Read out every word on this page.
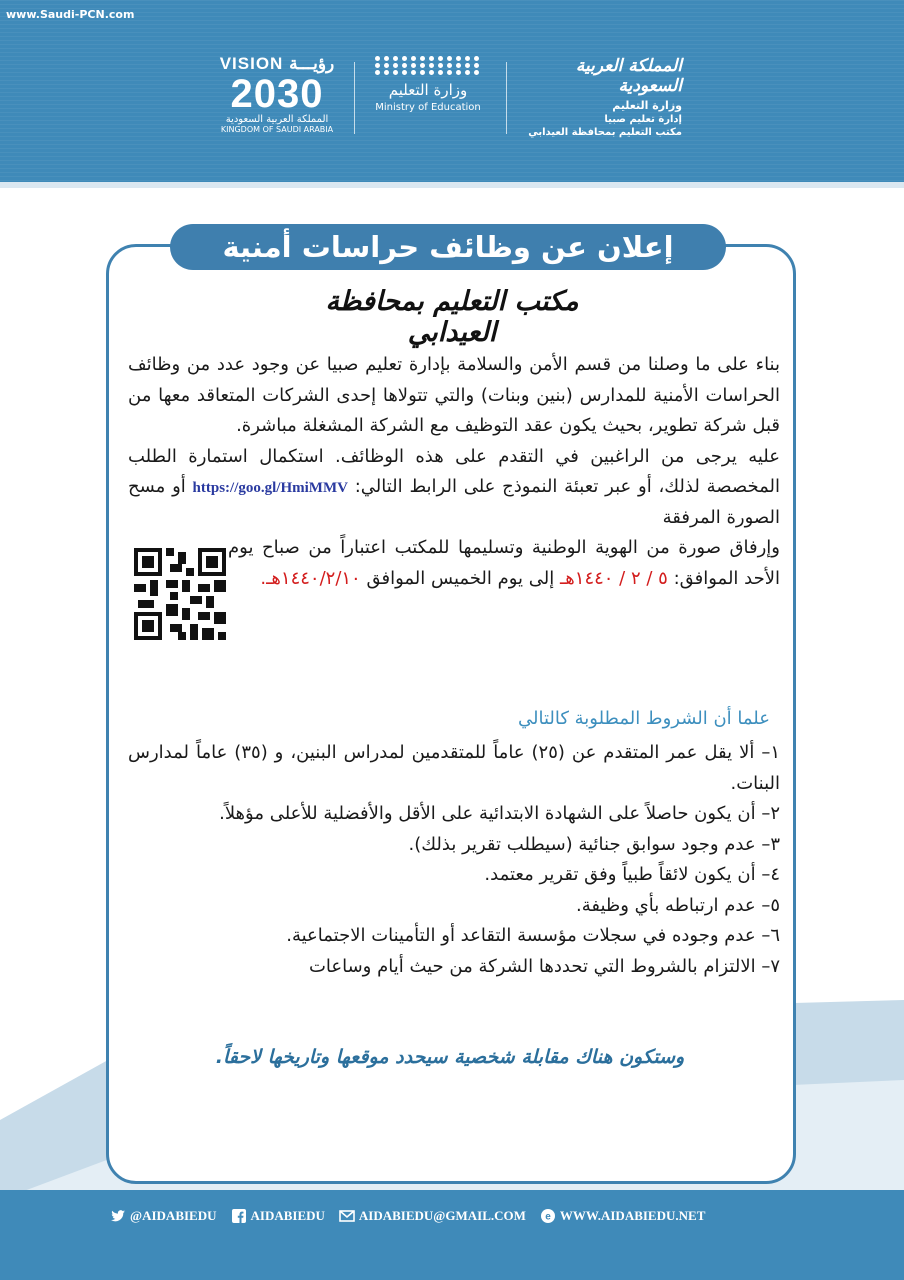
www.Saudi-PCN.com
VISION رؤيـــة
2030
المملكة العربية السعودية
KINGDOM OF SAUDI ARABIA
وزارة التعليم
Ministry of Education
المملكة العربية السعودية
وزارة التعليم
إدارة تعليم صبيا
مكتب التعليم بمحافظة العيدابي
إعلان عن وظائف حراسات أمنية
مكتب التعليم بمحافظة العيدابي

بناء على ما وصلنا من قسم الأمن والسلامة بإدارة تعليم صبيا عن وجود عدد من وظائف الحراسات الأمنية للمدارس (بنين وبنات) والتي تتولاها إحدى الشركات المتعاقد معها من قبل شركة تطوير، بحيث يكون عقد التوظيف مع الشركة المشغلة مباشرة.

عليه يرجى من الراغبين في التقدم على هذه الوظائف. استكمال استمارة الطلب المخصصة لذلك، أو عبر تعبئة النموذج على الرابط التالي: https://goo.gl/HmiMMV أو مسح الصورة المرفقة

وإرفاق صورة من الهوية الوطنية وتسليمها للمكتب اعتباراً من صباح يوم الأحد الموافق: ٥ / ٢ / ١٤٤٠هـ إلى يوم الخميس الموافق ١٤٤٠/٢/١٠هـ.

علما أن الشروط المطلوبة كالتالي

١– ألا يقل عمر المتقدم عن (٢٥) عاماً للمتقدمين لمدراس البنين، و (٣٥) عاماً لمدارس البنات.

٢– أن يكون حاصلاً على الشهادة الابتدائية على الأقل والأفضلية للأعلى مؤهلاً.

٣– عدم وجود سوابق جنائية (سيطلب تقرير بذلك).

٤– أن يكون لائقاً طبياً وفق تقرير معتمد.

٥– عدم ارتباطه بأي وظيفة.

٦– عدم وجوده في سجلات مؤسسة التقاعد أو التأمينات الاجتماعية.

٧– الالتزام بالشروط التي تحددها الشركة من حيث أيام وساعات

وستكون هناك مقابلة شخصية سيحدد موقعها وتاريخها لاحقاً.
@AIDABIEDU	AIDABIEDU	AIDABIEDU@GMAIL.COM e WWW.AIDABIEDU.NET
